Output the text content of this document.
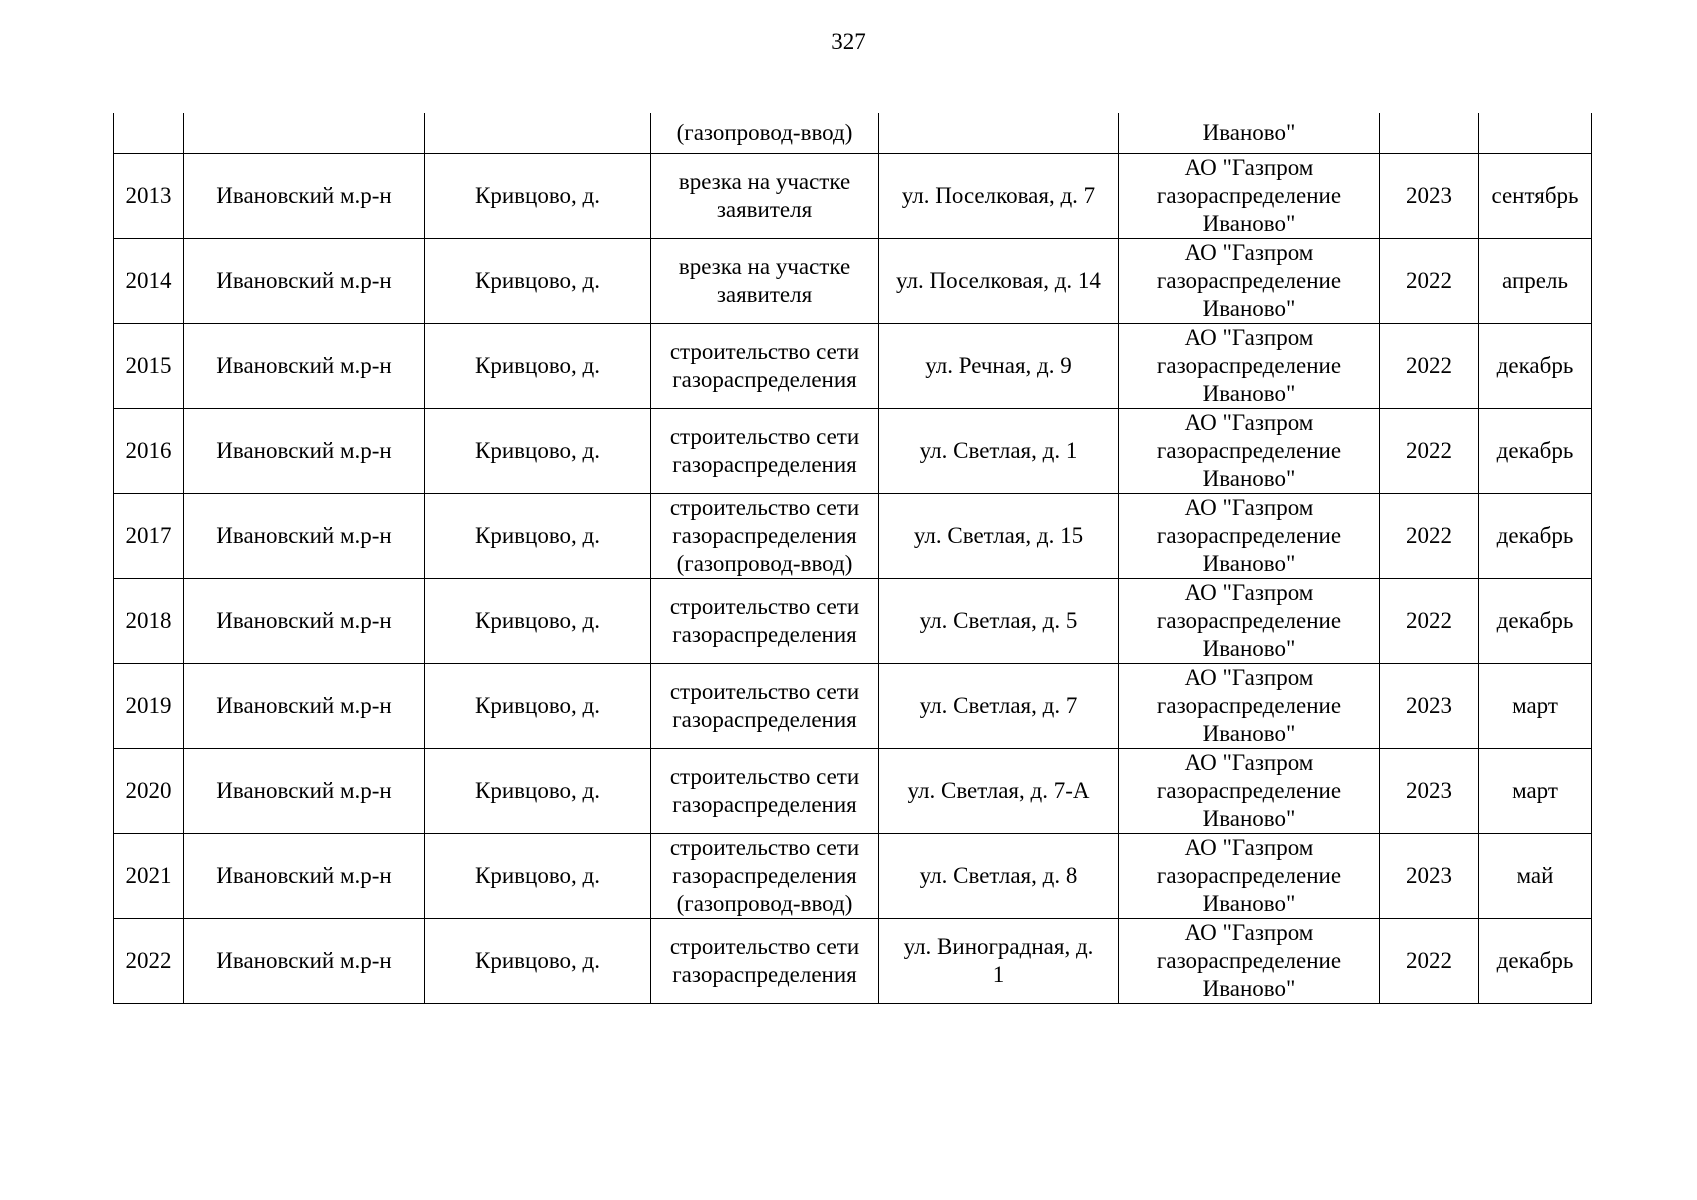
327

			(газопровод-ввод)		Иваново"		

2013	Ивановский м.р-н	Кривцово, д.	врезка на участке
заявителя	ул. Поселковая, д. 7	АО "Газпром
газораспределение
Иваново"	2023	сентябрь

2014	Ивановский м.р-н	Кривцово, д.	врезка на участке
заявителя	ул. Поселковая, д. 14	АО "Газпром
газораспределение
Иваново"	2022	апрель

2015	Ивановский м.р-н	Кривцово, д.	строительство сети
газораспределения	ул. Речная, д. 9	АО "Газпром
газораспределение
Иваново"	2022	декабрь

2016	Ивановский м.р-н	Кривцово, д.	строительство сети
газораспределения	ул. Светлая, д. 1	АО "Газпром
газораспределение
Иваново"	2022	декабрь

2017	Ивановский м.р-н	Кривцово, д.	строительство сети
газораспределения
(газопровод-ввод)	ул. Светлая, д. 15	АО "Газпром
газораспределение
Иваново"	2022	декабрь

2018	Ивановский м.р-н	Кривцово, д.	строительство сети
газораспределения	ул. Светлая, д. 5	АО "Газпром
газораспределение
Иваново"	2022	декабрь

2019	Ивановский м.р-н	Кривцово, д.	строительство сети
газораспределения	ул. Светлая, д. 7	АО "Газпром
газораспределение
Иваново"	2023	март

2020	Ивановский м.р-н	Кривцово, д.	строительство сети
газораспределения	ул. Светлая, д. 7-А	АО "Газпром
газораспределение
Иваново"	2023	март

2021	Ивановский м.р-н	Кривцово, д.	строительство сети
газораспределения
(газопровод-ввод)	ул. Светлая, д. 8	АО "Газпром
газораспределение
Иваново"	2023	май

2022	Ивановский м.р-н	Кривцово, д.	строительство сети
газораспределения	ул. Виноградная, д.
1	АО "Газпром
газораспределение
Иваново"	2022	декабрь
